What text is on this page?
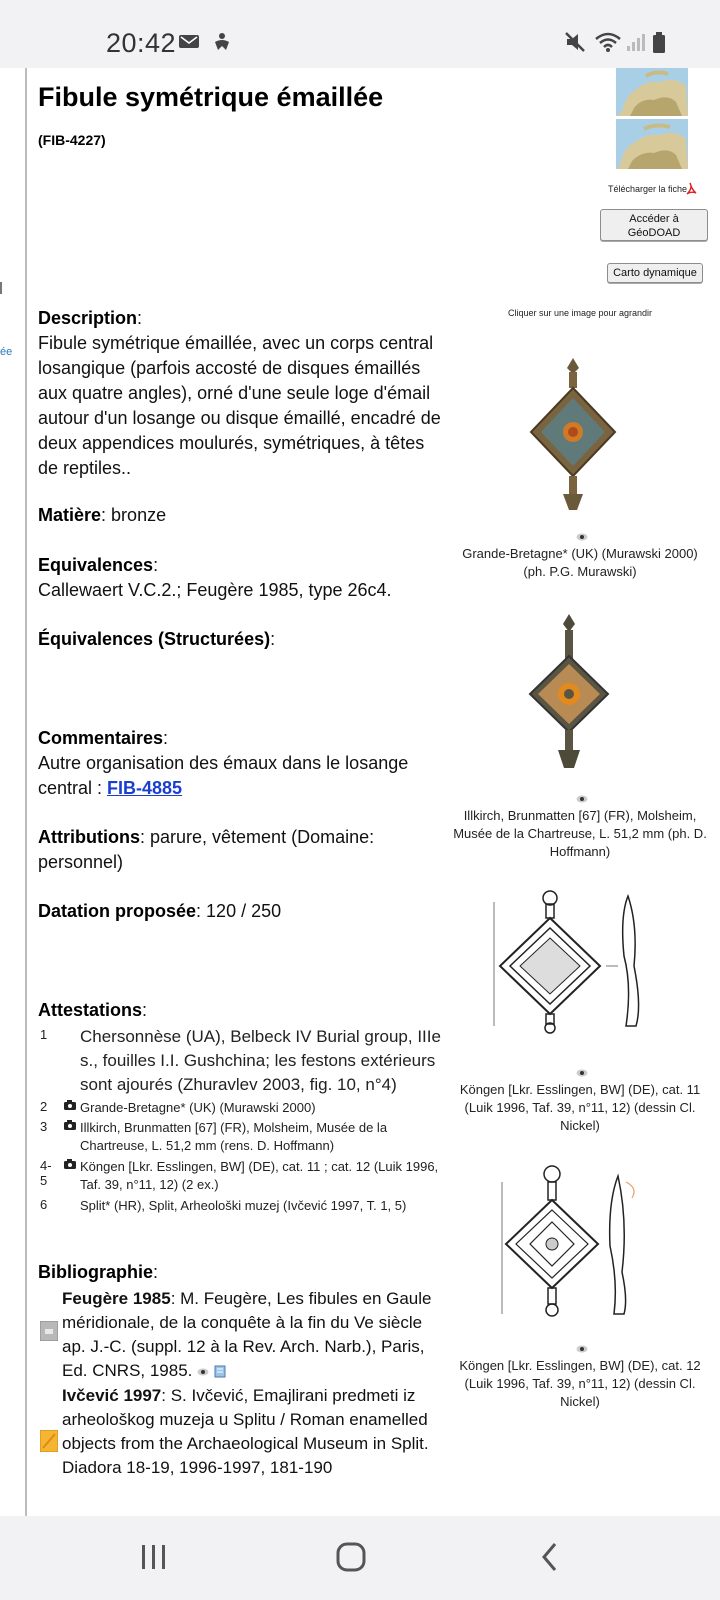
20:42
ée
Fibule symétrique émaillée
(FIB-4227)
Télécharger la fiche
Accéder à
GéoDOAD
Carto dynamique
Description:
Fibule symétrique émaillée, avec un corps central losangique (parfois accosté de disques émaillés aux quatre angles), orné d'une seule loge d'émail autour d'un losange ou disque émaillé, encadré de deux appendices moulurés, symétriques, à têtes de reptiles..
Matière: bronze
Equivalences:
Callewaert V.C.2.; Feugère 1985, type 26c4.
Équivalences (Structurées):
Commentaires:
Autre organisation des émaux dans le losange central : FIB-4885
Attributions: parure, vêtement (Domaine: personnel)
Datation proposée: 120 / 250
Attestations:
1 Chersonnèse (UA), Belbeck IV Burial group, IIIe s., fouilles I.I. Gushchina; les festons extérieurs sont ajourés (Zhuravlev 2003, fig. 10, n°4)
2	Grande-Bretagne* (UK) (Murawski 2000)
3	Illkirch, Brunmatten [67] (FR), Molsheim, Musée de la Chartreuse, L. 51,2 mm (rens. D. Hoffmann)
4-5
Köngen [Lkr. Esslingen, BW] (DE), cat. 11 ; cat. 12 (Luik 1996, Taf. 39, n°11, 12) (2 ex.)
6	Split* (HR), Split, Arheološki muzej (Ivčević 1997, T. 1, 5)
Bibliographie:
Feugère 1985: M. Feugère, Les fibules en Gaule méridionale, de la conquête à la fin du Ve siècle ap. J.-C. (suppl. 12 à la Rev. Arch. Narb.), Paris, Ed. CNRS, 1985.
Ivčević 1997: S. Ivčević, Emajlirani predmeti iz arheološkog muzeja u Splitu / Roman enamelled objects from the Archaeological Museum in Split. Diadora 18-19, 1996-1997, 181-190
Cliquer sur une image pour agrandir
Grande-Bretagne* (UK) (Murawski 2000) (ph. P.G. Murawski)
Illkirch, Brunmatten [67] (FR), Molsheim, Musée de la Chartreuse, L. 51,2 mm (ph. D. Hoffmann)
Köngen [Lkr. Esslingen, BW] (DE), cat. 11 (Luik 1996, Taf. 39, n°11, 12) (dessin Cl. Nickel)
Köngen [Lkr. Esslingen, BW] (DE), cat. 12 (Luik 1996, Taf. 39, n°11, 12) (dessin Cl. Nickel)
